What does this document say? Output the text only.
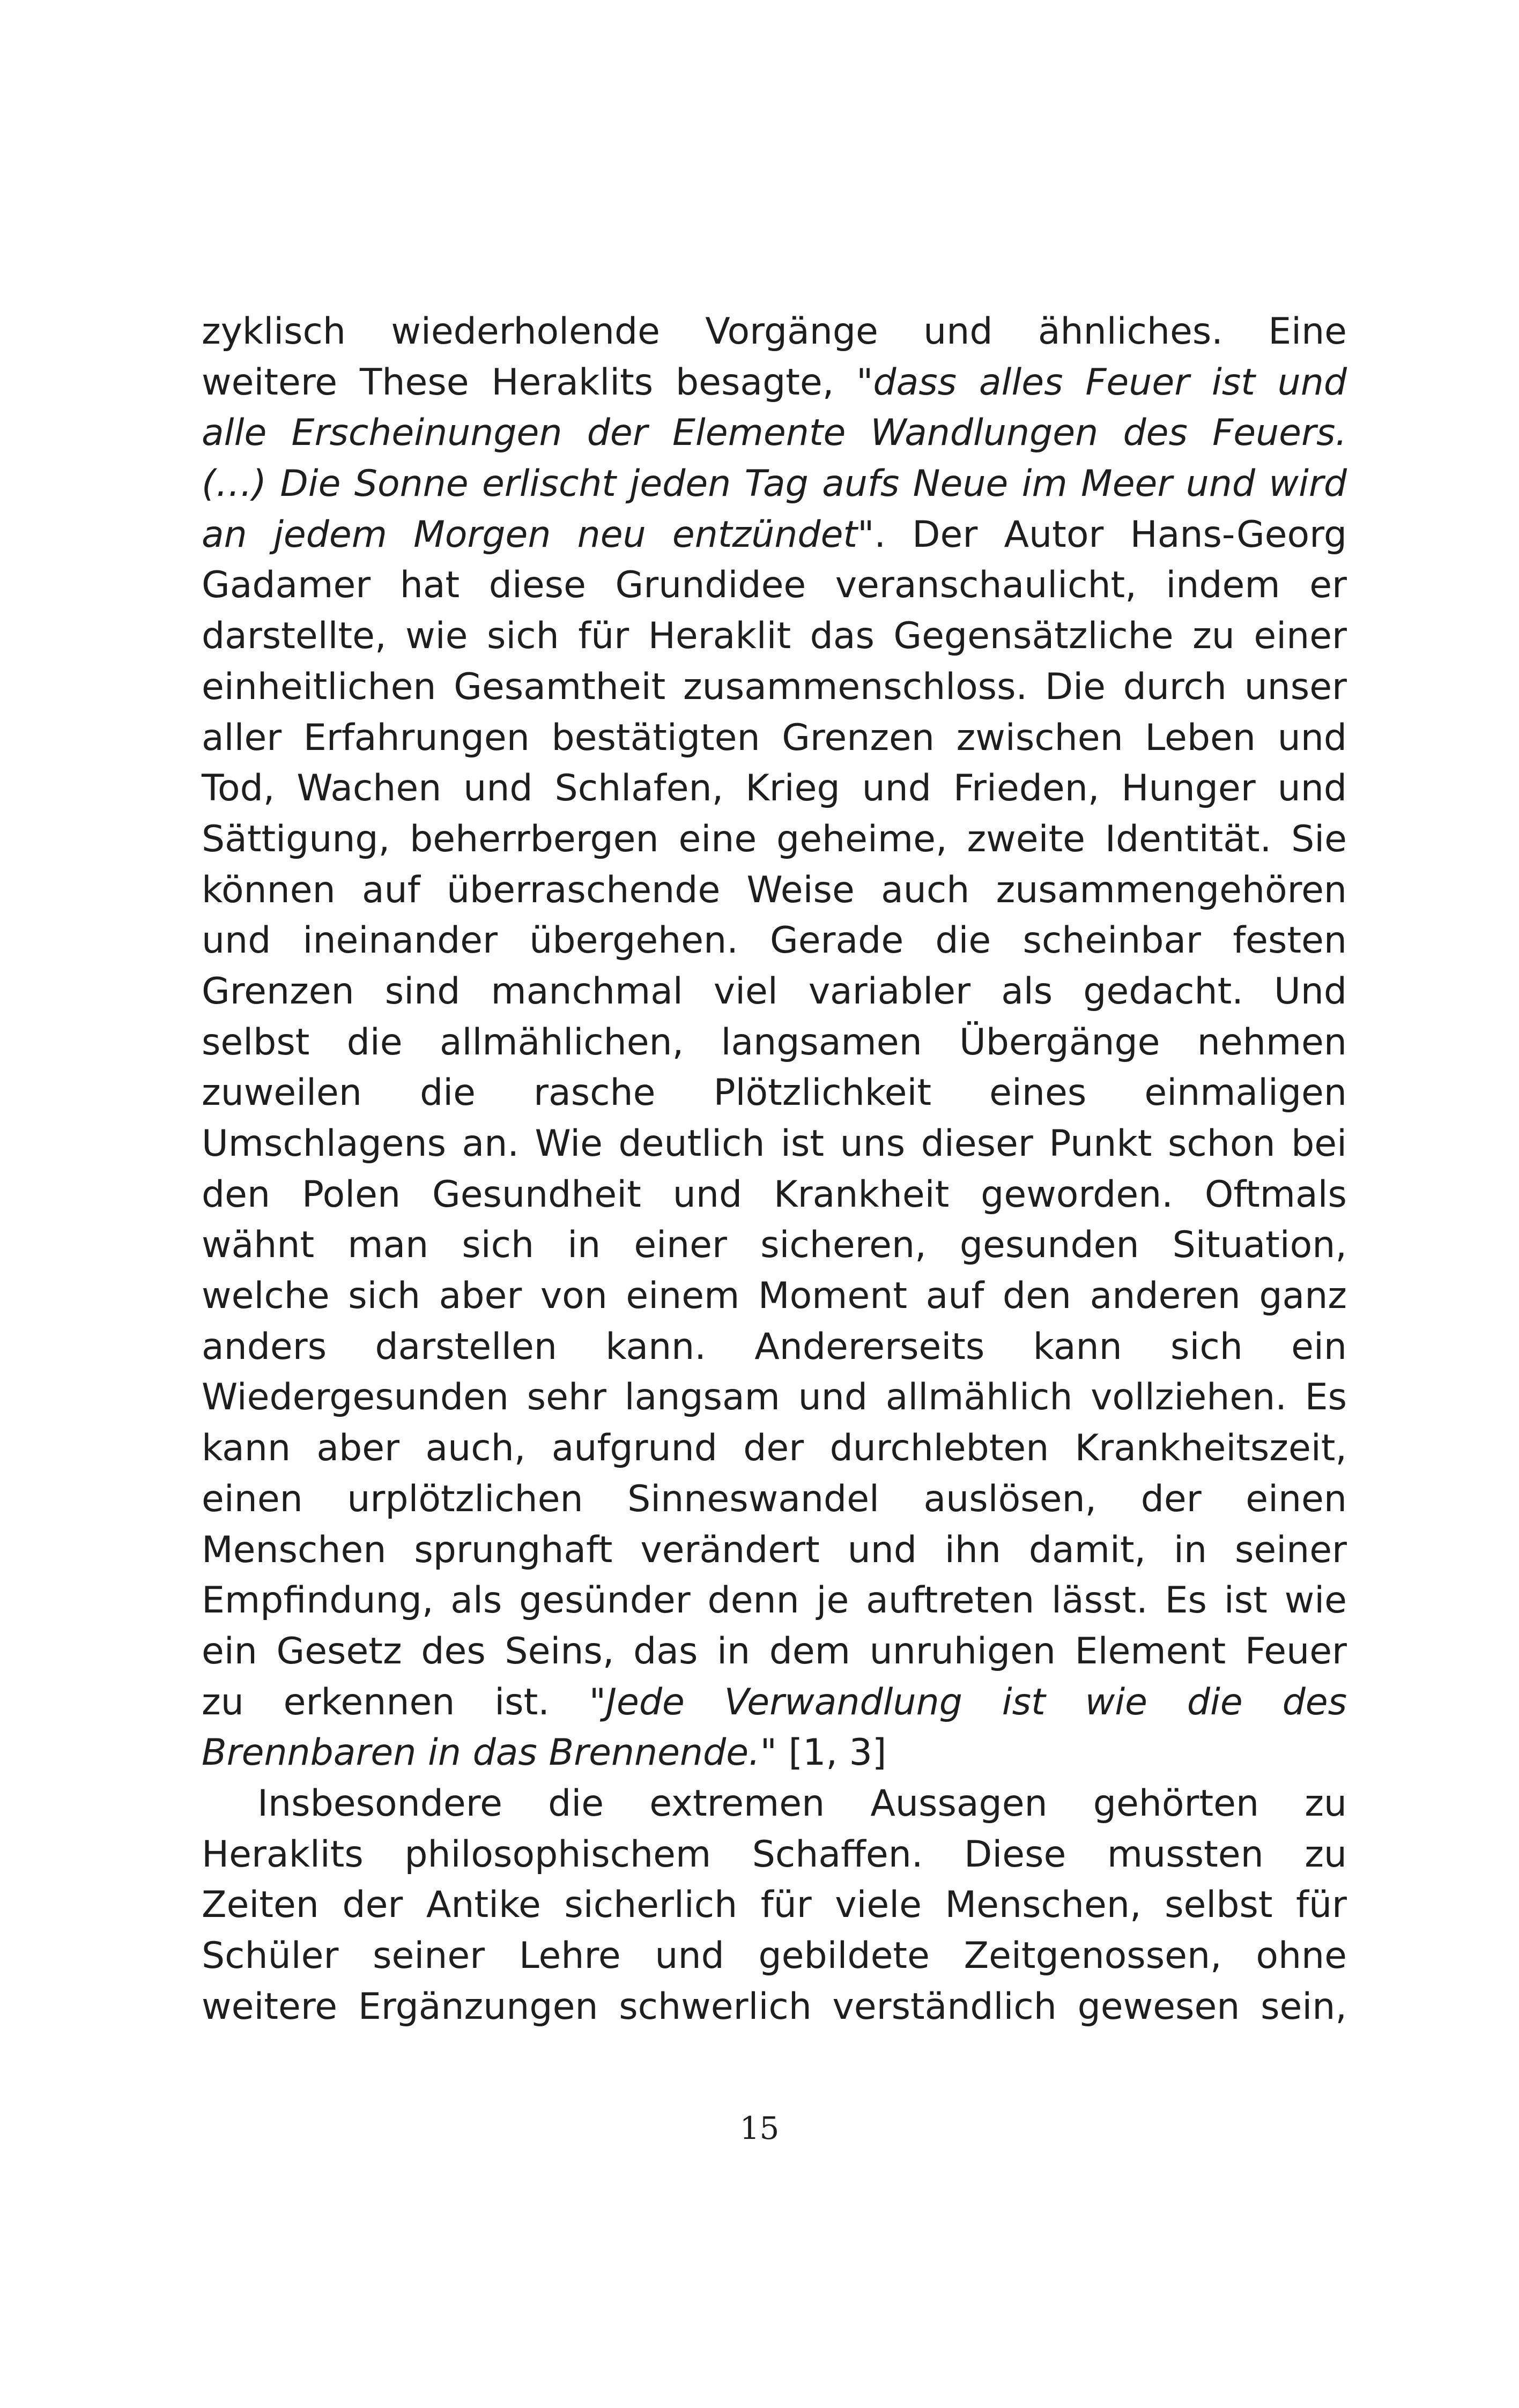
zyklisch wiederholende Vorgänge und ähnliches. Eine
weitere These Heraklits besagte, "dass alles Feuer ist und
alle Erscheinungen der Elemente Wandlungen des Feuers.
(…) Die Sonne erlischt jeden Tag aufs Neue im Meer und wird
an jedem Morgen neu entzündet". Der Autor Hans-Georg
Gadamer hat diese Grundidee veranschaulicht, indem er
darstellte, wie sich für Heraklit das Gegensätzliche zu einer
einheitlichen Gesamtheit zusammenschloss. Die durch unser
aller Erfahrungen bestätigten Grenzen zwischen Leben und
Tod, Wachen und Schlafen, Krieg und Frieden, Hunger und
Sättigung, beherrbergen eine geheime, zweite Identität. Sie
können auf überraschende Weise auch zusammengehören
und ineinander übergehen. Gerade die scheinbar festen
Grenzen sind manchmal viel variabler als gedacht. Und
selbst die allmählichen, langsamen Übergänge nehmen
zuweilen die rasche Plötzlichkeit eines einmaligen
Umschlagens an. Wie deutlich ist uns dieser Punkt schon bei
den Polen Gesundheit und Krankheit geworden. Oftmals
wähnt man sich in einer sicheren, gesunden Situation,
welche sich aber von einem Moment auf den anderen ganz
anders darstellen kann. Andererseits kann sich ein
Wiedergesunden sehr langsam und allmählich vollziehen. Es
kann aber auch, aufgrund der durchlebten Krankheitszeit,
einen urplötzlichen Sinneswandel auslösen, der einen
Menschen sprunghaft verändert und ihn damit, in seiner
Empfindung, als gesünder denn je auftreten lässt. Es ist wie
ein Gesetz des Seins, das in dem unruhigen Element Feuer
zu erkennen ist. "Jede Verwandlung ist wie die des
Brennbaren in das Brennende." [1, 3]
Insbesondere die extremen Aussagen gehörten zu
Heraklits philosophischem Schaffen. Diese mussten zu
Zeiten der Antike sicherlich für viele Menschen, selbst für
Schüler seiner Lehre und gebildete Zeitgenossen, ohne
weitere Ergänzungen schwerlich verständlich gewesen sein,
15
